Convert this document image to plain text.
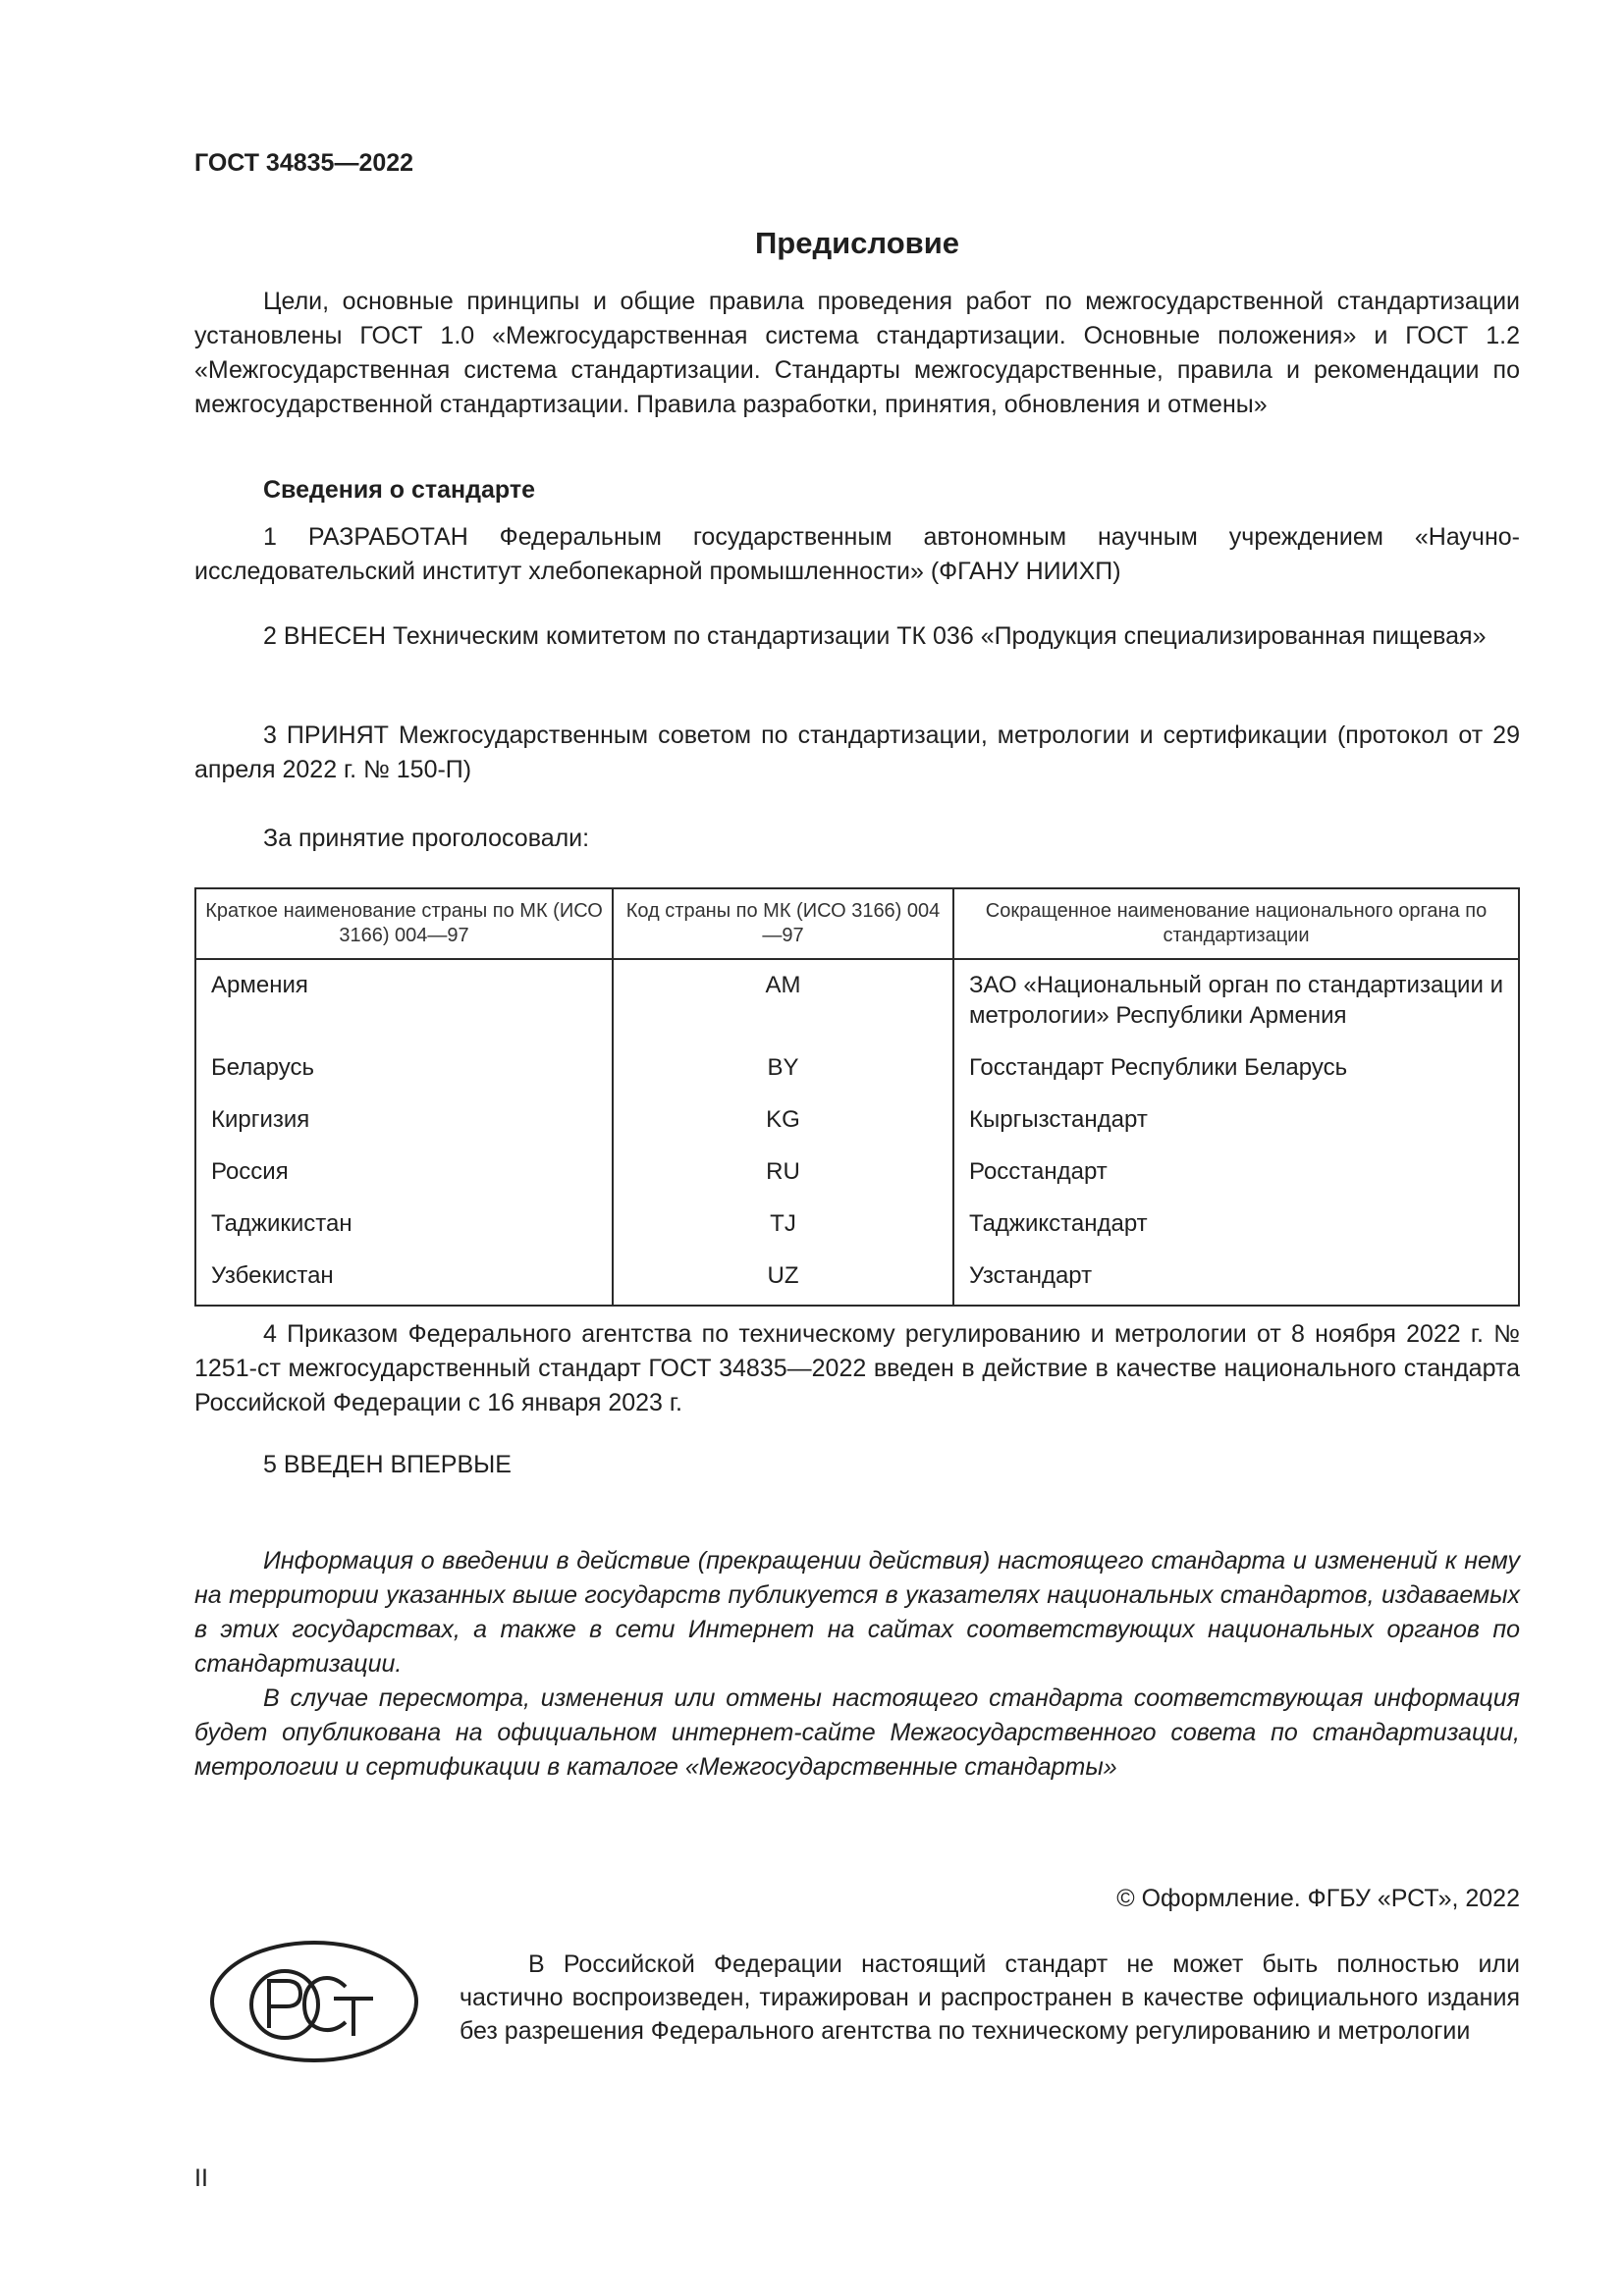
ГОСТ 34835—2022
Предисловие

Цели, основные принципы и общие правила проведения работ по межгосударственной стандартизации установлены ГОСТ 1.0 «Межгосударственная система стандартизации. Основные положения» и ГОСТ 1.2 «Межгосударственная система стандартизации. Стандарты межгосударственные, правила и рекомендации по межгосударственной стандартизации. Правила разработки, принятия, обновления и отмены»

Сведения о стандарте

1 РАЗРАБОТАН Федеральным государственным автономным научным учреждением «Научно-исследовательский институт хлебопекарной промышленности» (ФГАНУ НИИХП)

2 ВНЕСЕН Техническим комитетом по стандартизации ТК 036 «Продукция специализированная пищевая»

3 ПРИНЯТ Межгосударственным советом по стандартизации, метрологии и сертификации (протокол от 29 апреля 2022 г. № 150-П)

За принятие проголосовали:
Краткое наименование страны по МК (ИСО 3166) 004—97	Код страны по МК (ИСО 3166) 004—97	Сокращенное наименование национального органа по стандартизации
Армения	AM	ЗАО «Национальный орган по стандартизации и метрологии» Республики Армения
Беларусь	BY	Госстандарт Республики Беларусь
Киргизия	KG	Кыргызстандарт
Россия	RU	Росстандарт
Таджикистан	TJ	Таджикстандарт
Узбекистан	UZ	Узстандарт

4 Приказом Федерального агентства по техническому регулированию и метрологии от 8 ноября 2022 г. № 1251-ст межгосударственный стандарт ГОСТ 34835—2022 введен в действие в качестве национального стандарта Российской Федерации с 16 января 2023 г.

5 ВВЕДЕН ВПЕРВЫЕ

Информация о введении в действие (прекращении действия) настоящего стандарта и изменений к нему на территории указанных выше государств публикуется в указателях национальных стандартов, издаваемых в этих государствах, а также в сети Интернет на сайтах соответствующих национальных органов по стандартизации.

В случае пересмотра, изменения или отмены настоящего стандарта соответствующая информация будет опубликована на официальном интернет-сайте Межгосударственного совета по стандартизации, метрологии и сертификации в каталоге «Межгосударственные стандарты»

© Оформление. ФГБУ «РСТ», 2022

В Российской Федерации настоящий стандарт не может быть полностью или частично воспроизведен, тиражирован и распространен в качестве официального издания без разрешения Федерального агентства по техническому регулированию и метрологии

II
